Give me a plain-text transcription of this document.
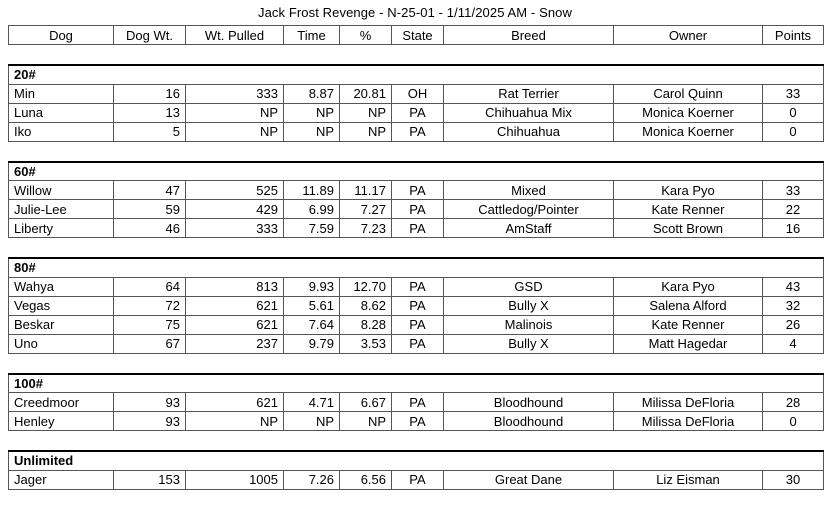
Jack Frost Revenge - N-25-01 - 1/11/2025 AM - Snow
Dog	Dog Wt.	Wt. Pulled	Time	%	State	Breed	Owner	Points
20#								
Min	16	333	8.87	20.81	OH	Rat Terrier	Carol Quinn	33
Luna	13	NP	NP	NP	PA	Chihuahua Mix	Monica Koerner	0
Iko	5	NP	NP	NP	PA	Chihuahua	Monica Koerner	0
60#								
Willow	47	525	11.89	11.17	PA	Mixed	Kara Pyo	33
Julie-Lee	59	429	6.99	7.27	PA	Cattledog/Pointer	Kate Renner	22
Liberty	46	333	7.59	7.23	PA	AmStaff	Scott Brown	16
80#								
Wahya	64	813	9.93	12.70	PA	GSD	Kara Pyo	43
Vegas	72	621	5.61	8.62	PA	Bully X	Salena Alford	32
Beskar	75	621	7.64	8.28	PA	Malinois	Kate Renner	26
Uno	67	237	9.79	3.53	PA	Bully X	Matt Hagedar	4
100#								
Creedmoor	93	621	4.71	6.67	PA	Bloodhound	Milissa DeFloria	28
Henley	93	NP	NP	NP	PA	Bloodhound	Milissa DeFloria	0
Unlimited
Jager	153	1005	7.26	6.56	PA	Great Dane	Liz Eisman	30
